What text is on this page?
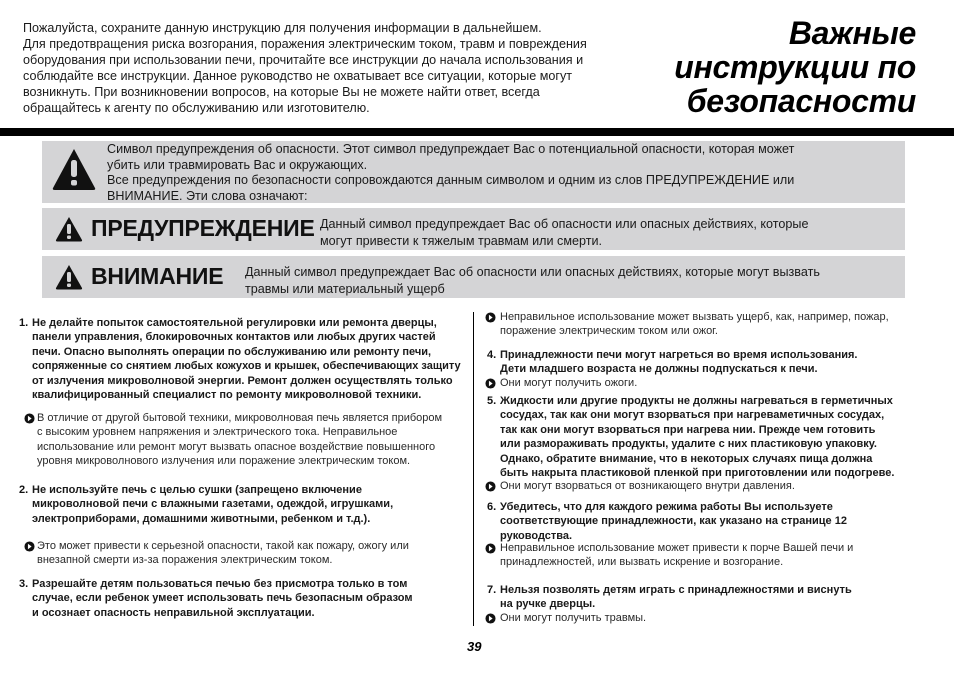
Пожалуйста, сохраните данную инструкцию для получения информации в дальнейшем.

Для предотвращения риска возгорания, поражения электрическим током, травм и повреждения

оборудования при использовании печи, прочитайте все инструкции до начала использования и

соблюдайте все инструкции. Данное руководство не охватывает все ситуации, которые могут

возникнуть. При возникновении вопросов, на которые Вы не можете найти ответ, всегда

обращайтесь к агенту по обслуживанию или изготовителю.

Важные
инструкции по
безопасности

Символ предупреждения об опасности. Этот символ предупреждает Вас о потенциальной опасности, которая может

убить или травмировать Вас и окружающих.

Все предупреждения по безопасности сопровождаются данным символом и одним из слов ПРЕДУПРЕЖДЕНИЕ или

ВНИМАНИЕ. Эти слова означают:

ПРЕДУПРЕЖДЕНИЕ Данный символ предупреждает Вас об опасности или опасных действиях, которые

могут привести к тяжелым травмам или смерти.

ВНИМАНИЕ Данный символ предупреждает Вас об опасности или опасных действиях, которые могут вызвать

травмы или материальный ущерб

1. Не делайте попыток самостоятельной регулировки или ремонта дверцы,

панели управления, блокировочных контактов или любых других частей

печи. Опасно выполнять операции по обслуживанию или ремонту печи,

сопряженные со снятием любых кожухов и крышек, обеспечивающих защиту

от излучения микроволновой энергии. Ремонт должен осуществлять только

квалифицированный специалист по ремонту микроволновой техники.

В отличие от другой бытовой техники, микроволновая печь является прибором

с высоким уровнем напряжения и электрического тока. Неправильное

использование или ремонт могут вызвать опасное воздействие повышенного

уровня микроволнового излучения или поражение электрическим током.

2. Не используйте печь с целью сушки (запрещено включение

микроволновой печи с влажными газетами, одеждой, игрушками,

электроприборами, домашними животными, ребенком и т.д.).

Это может привести к серьезной опасности, такой как пожару, ожогу или

внезапной смерти из-за поражения электрическим током.

3. Разрешайте детям пользоваться печью без присмотра только в том

случае, если ребенок умеет использовать печь безопасным образом

и осознает опасность неправильной эксплуатации.

Неправильное использование может вызвать ущерб, как, например, пожар,

поражение электрическим током или ожог.

4. Принадлежности печи могут нагреться во время использования.

Дети младшего возраста не должны подпускаться к печи.

Они могут получить ожоги.

5. Жидкости или другие продукты не должны нагреваться в герметичных

сосудах, так как они могут взорваться при нагреваметичных сосудах,

так как они могут взорваться при нагрева нии. Прежде чем готовить

или размораживать продукты, удалите с них пластиковую упаковку.

Однако, обратите внимание, что в некоторых случаях пища должна

быть накрыта пластиковой пленкой при приготовлении или подогреве.

Они могут взорваться от возникающего внутри давления.

6. Убедитесь, что для каждого режима работы Вы используете

соответствующие принадлежности, как указано на странице 12

руководства.

Неправильное использование может привести к порче Вашей печи и

принадлежностей, или вызвать искрение и возгорание.

7. Нельзя позволять детям играть с принадлежностями и виснуть

на ручке дверцы.

Они могут получить травмы.

39
